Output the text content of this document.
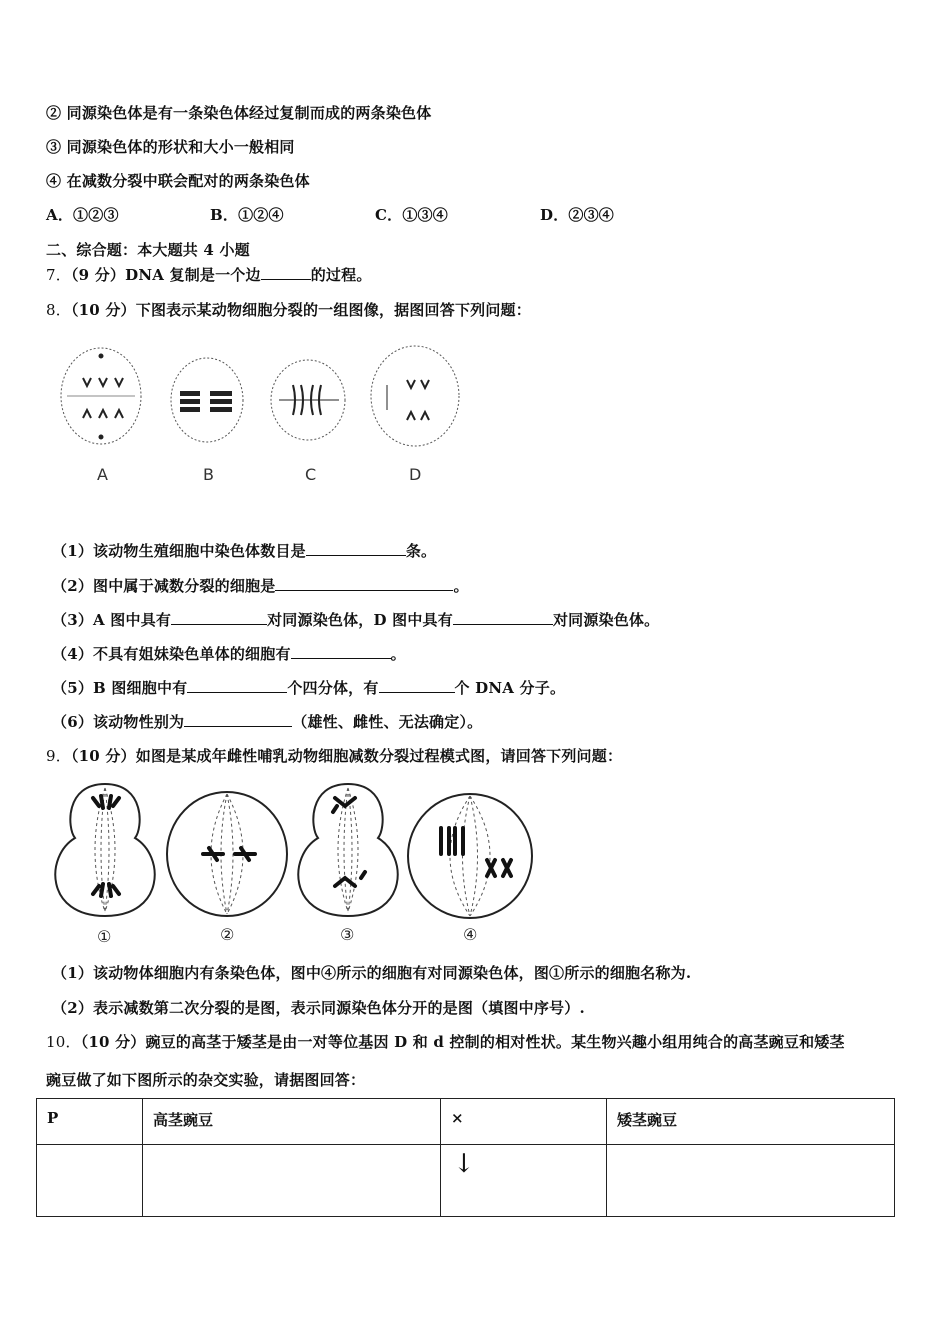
② 同源染色体是有一条染色体经过复制而成的两条染色体
③ 同源染色体的形状和大小一般相同
④ 在减数分裂中联会配对的两条染色体
A．①②③	B．①②④	C．①③④	D．②③④
二、综合题：本大题共 4 小题
7．（9 分）DNA 复制是一个边	的过程。
8．（10 分）下图表示某动物细胞分裂的一组图像，据图回答下列问题：
A	B	C	D
（1）该动物生殖细胞中染色体数目是	条。
（2）图中属于减数分裂的细胞是	。
（3）A 图中具有	对同源染色体，D 图中具有	对同源染色体。
（4）不具有姐妹染色单体的细胞有	。
（5）B 图细胞中有	个四分体，有	个 DNA 分子。
（6）该动物性别为	（雄性、雌性、无法确定）。
9．（10 分）如图是某成年雌性哺乳动物细胞减数分裂过程模式图，请回答下列问题：
①	②	③	④
（1）该动物体细胞内有条染色体，图中④所示的细胞有对同源染色体，图①所示的细胞名称为.
（2）表示减数第二次分裂的是图，表示同源染色体分开的是图（填图中序号）.
10．（10 分）豌豆的高茎于矮茎是由一对等位基因 D 和 d 控制的相对性状。某生物兴趣小组用纯合的高茎豌豆和矮茎
豌豆做了如下图所示的杂交实验，请据图回答：
P	高茎豌豆	×	矮茎豌豆
		↓	
